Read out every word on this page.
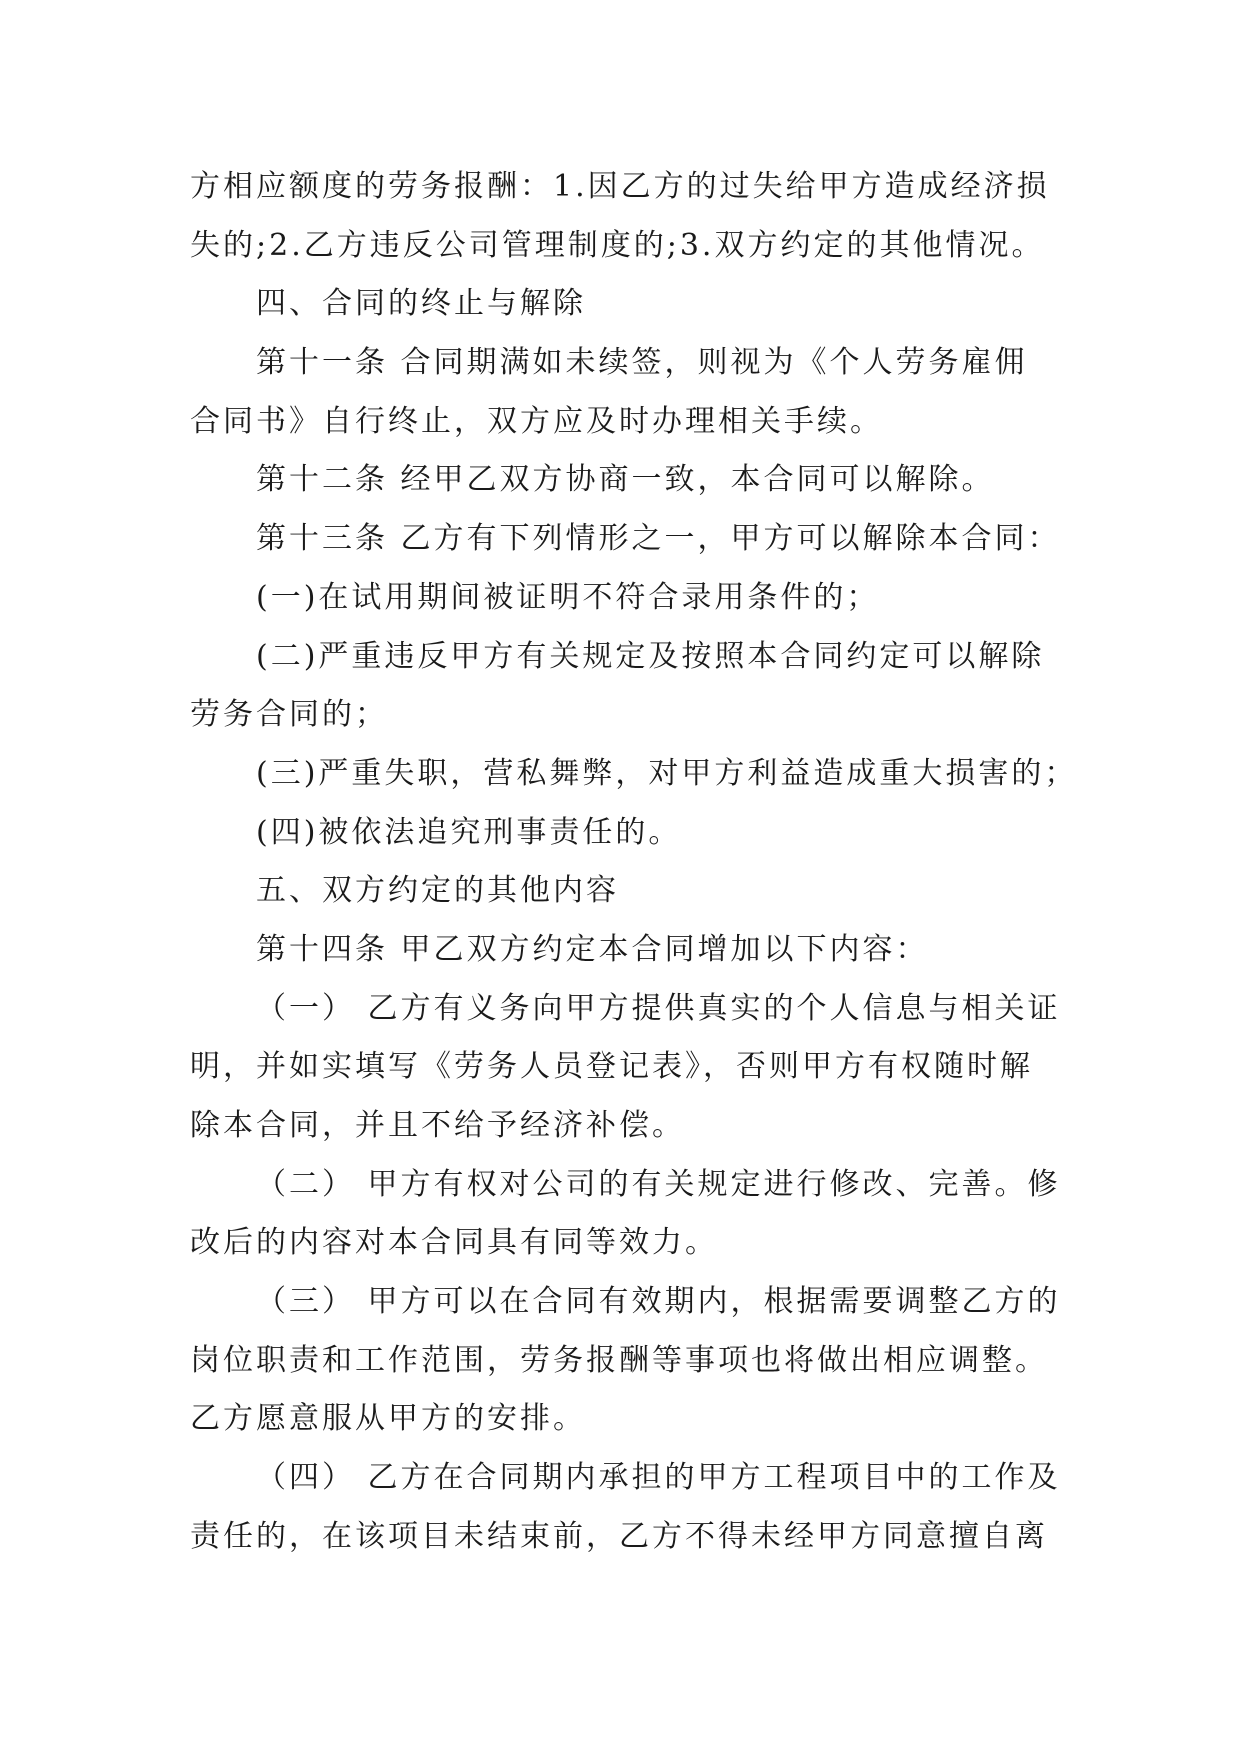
方相应额度的劳务报酬：1.因乙方的过失给甲方造成经济损
失的;2.乙方违反公司管理制度的;3.双方约定的其他情况。
四、合同的终止与解除
第十一条 合同期满如未续签，则视为《个人劳务雇佣
合同书》自行终止，双方应及时办理相关手续。
第十二条 经甲乙双方协商一致，本合同可以解除。
第十三条 乙方有下列情形之一，甲方可以解除本合同：
(一)在试用期间被证明不符合录用条件的；
(二)严重违反甲方有关规定及按照本合同约定可以解除
劳务合同的；
(三)严重失职，营私舞弊，对甲方利益造成重大损害的；
(四)被依法追究刑事责任的。
五、双方约定的其他内容
第十四条 甲乙双方约定本合同增加以下内容：
（一） 乙方有义务向甲方提供真实的个人信息与相关证
明，并如实填写《劳务人员登记表》，否则甲方有权随时解
除本合同，并且不给予经济补偿。
（二） 甲方有权对公司的有关规定进行修改、完善。修
改后的内容对本合同具有同等效力。
（三） 甲方可以在合同有效期内，根据需要调整乙方的
岗位职责和工作范围，劳务报酬等事项也将做出相应调整。
乙方愿意服从甲方的安排。
（四） 乙方在合同期内承担的甲方工程项目中的工作及
责任的，在该项目未结束前，乙方不得未经甲方同意擅自离
